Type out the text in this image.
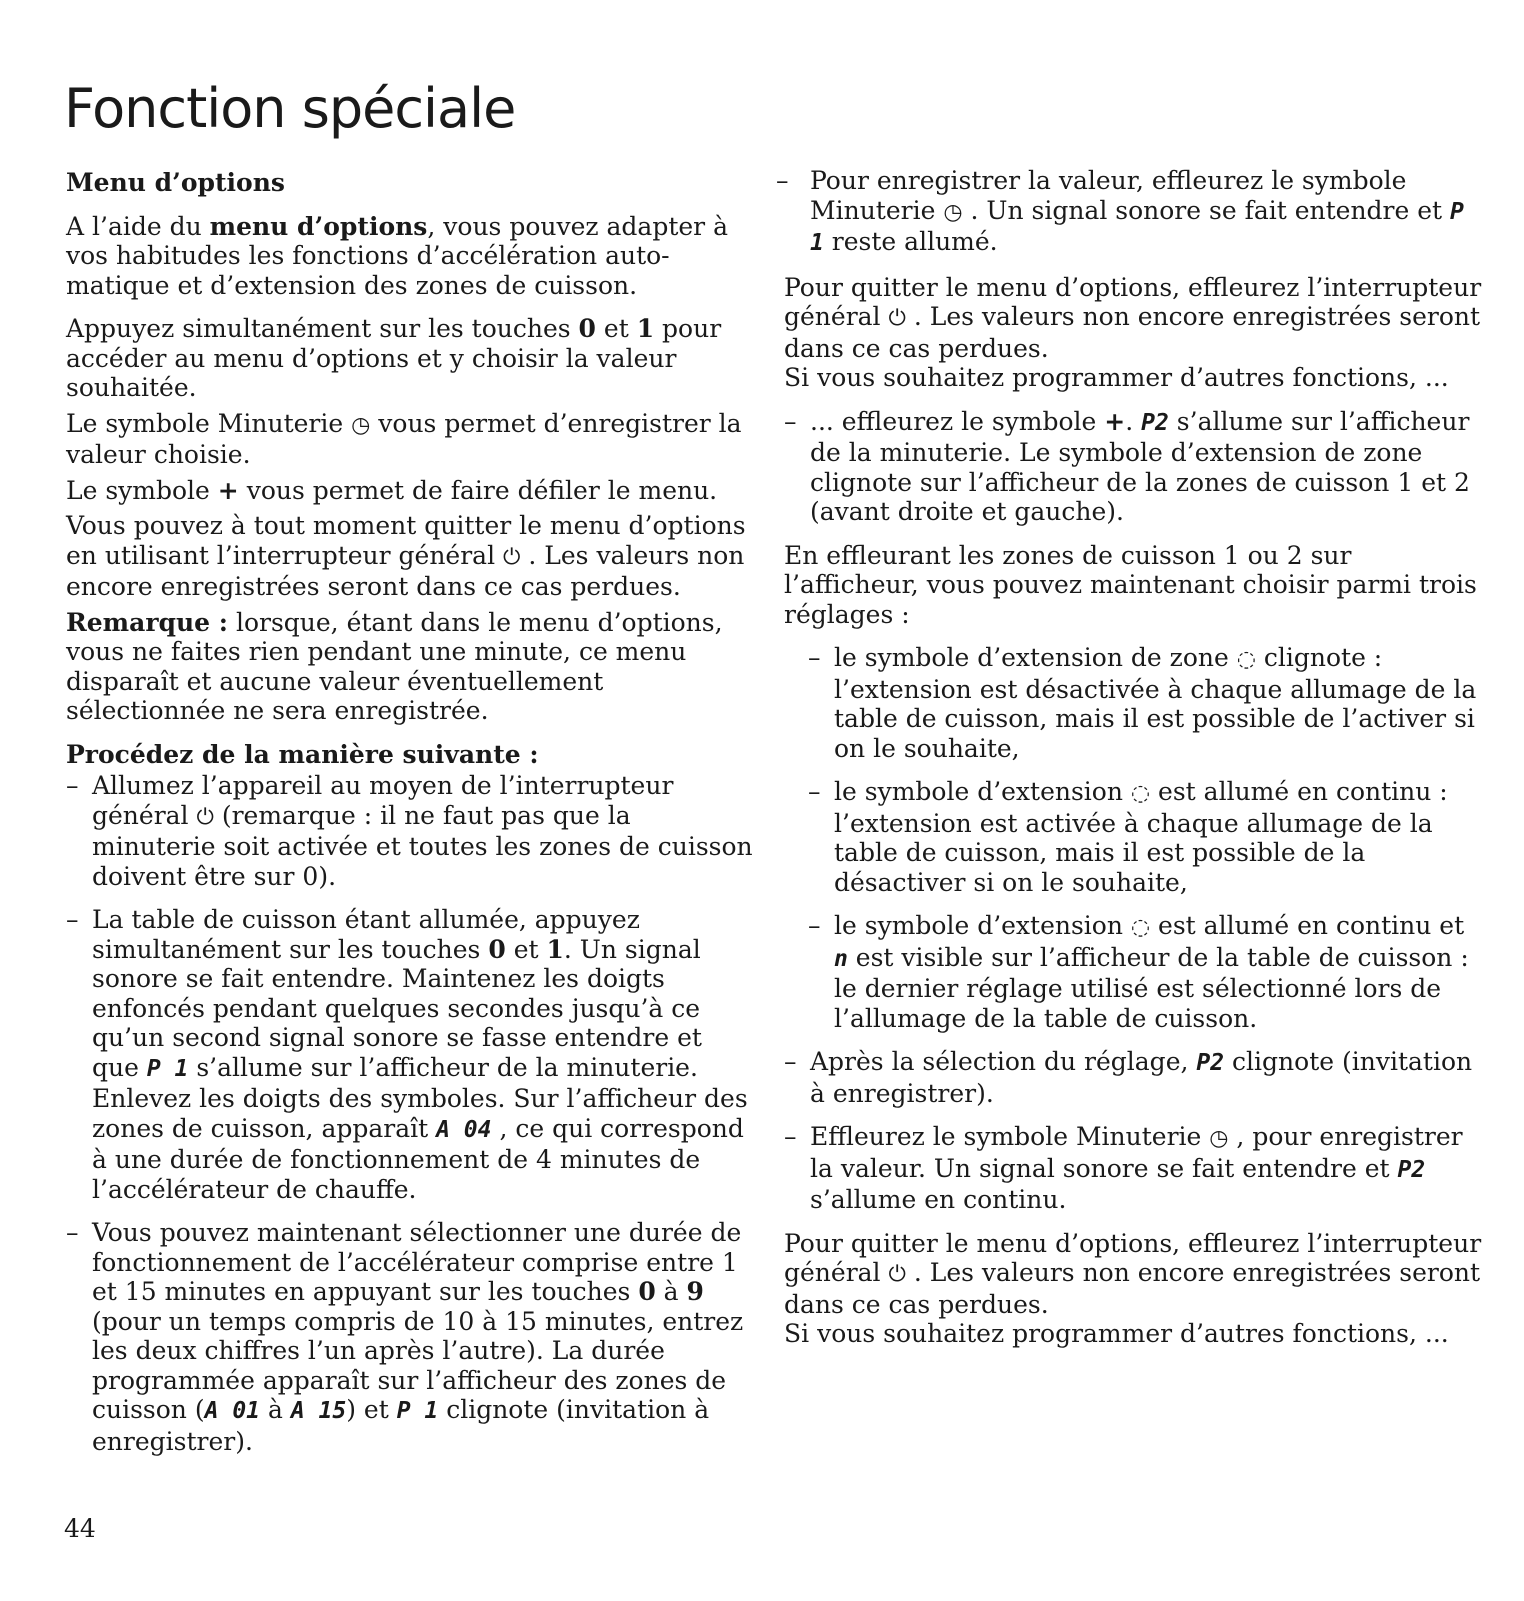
Fonction spéciale
Menu d’options

A l’aide du menu d’options, vous pouvez adapter à vos habitudes les fonctions d’accélération auto-matique et d’extension des zones de cuisson.

Appuyez simultanément sur les touches 0 et 1 pour accéder au menu d’options et y choisir la valeur souhaitée.

Le symbole Minuterie ◷ vous permet d’enregistrer la valeur choisie.

Le symbole + vous permet de faire défiler le menu.

Vous pouvez à tout moment quitter le menu d’options en utilisant l’interrupteur général ⏻ . Les valeurs non encore enregistrées seront dans ce cas perdues.

Remarque : lorsque, étant dans le menu d’options, vous ne faites rien pendant une minute, ce menu disparaît et aucune valeur éventuellement sélectionnée ne sera enregistrée.

Procédez de la manière suivante :
– Allumez l’appareil au moyen de l’interrupteur général ⏻ (remarque : il ne faut pas que la minuterie soit activée et toutes les zones de cuisson doivent être sur 0).
– La table de cuisson étant allumée, appuyez simultanément sur les touches 0 et 1. Un signal sonore se fait entendre. Maintenez les doigts enfoncés pendant quelques secondes jusqu’à ce qu’un second signal sonore se fasse entendre et que P 1 s’allume sur l’afficheur de la minuterie. Enlevez les doigts des symboles. Sur l’afficheur des zones de cuisson, apparaît A 04 , ce qui correspond à une durée de fonctionnement de 4 minutes de l’accélérateur de chauffe.
– Vous pouvez maintenant sélectionner une durée de fonctionnement de l’accélérateur comprise entre 1 et 15 minutes en appuyant sur les touches 0 à 9 (pour un temps compris de 10 à 15 minutes, entrez les deux chiffres l’un après l’autre). La durée programmée apparaît sur l’afficheur des zones de cuisson (A 01 à A 15) et P 1 clignote (invitation à enregistrer).
– Pour enregistrer la valeur, effleurez le symbole Minuterie ◷ . Un signal sonore se fait entendre et P 1 reste allumé.

Pour quitter le menu d’options, effleurez l’interrupteur général ⏻ . Les valeurs non encore enregistrées seront dans ce cas perdues.
Si vous souhaitez programmer d’autres fonctions, ...

– ... effleurez le symbole +. P2 s’allume sur l’afficheur de la minuterie. Le symbole d’extension de zone clignote sur l’afficheur de la zones de cuisson 1 et 2 (avant droite et gauche).

En effleurant les zones de cuisson 1 ou 2 sur l’afficheur, vous pouvez maintenant choisir parmi trois réglages :

– le symbole d’extension de zone ◌ clignote : l’extension est désactivée à chaque allumage de la table de cuisson, mais il est possible de l’activer si on le souhaite,
– le symbole d’extension ◌ est allumé en continu : l’extension est activée à chaque allumage de la table de cuisson, mais il est possible de la désactiver si on le souhaite,
– le symbole d’extension ◌ est allumé en continu et n est visible sur l’afficheur de la table de cuisson :
le dernier réglage utilisé est sélectionné lors de l’allumage de la table de cuisson.
– Après la sélection du réglage, P2 clignote (invitation à enregistrer).
– Effleurez le symbole Minuterie ◷ , pour enregistrer la valeur. Un signal sonore se fait entendre et P2 s’allume en continu.

Pour quitter le menu d’options, effleurez l’interrupteur général ⏻ . Les valeurs non encore enregistrées seront dans ce cas perdues.
Si vous souhaitez programmer d’autres fonctions, ...

44
